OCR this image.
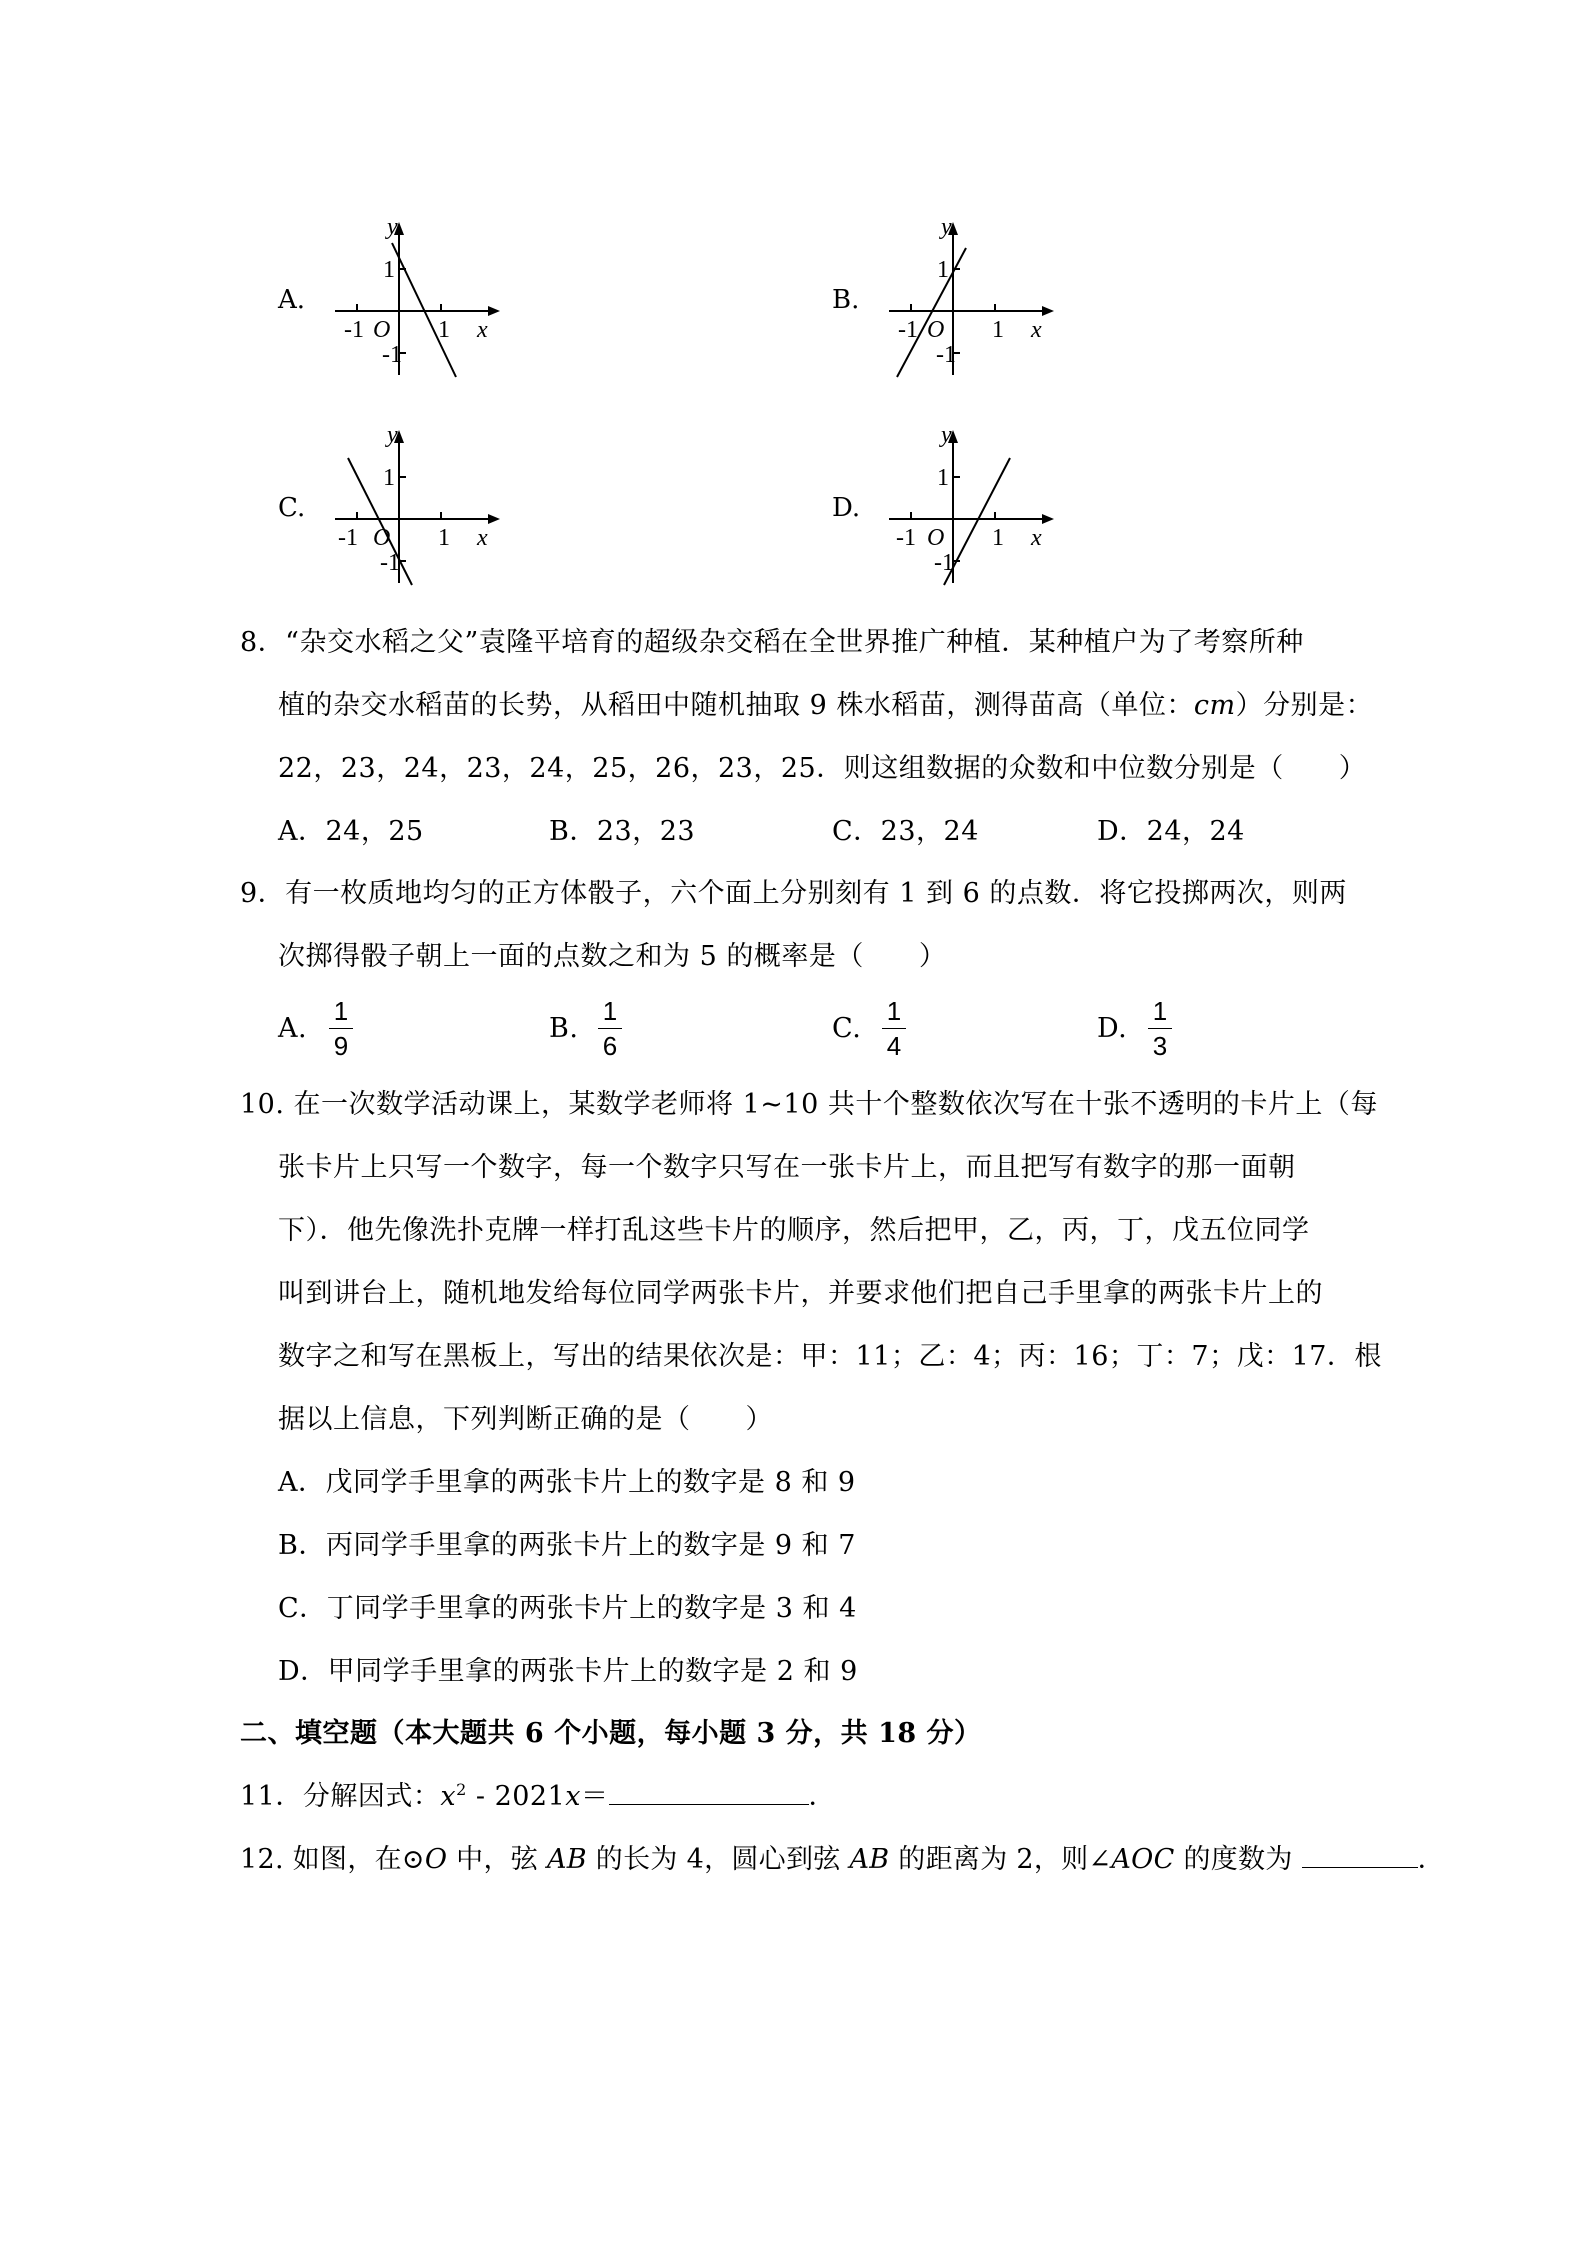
A.	B.
C.	D.
y
1
-1 O 1 x
-1
y
1
-1 O 1 x
-1
y
1
-1 O 1 x
-1
y
1
-1 O 1 x
-1
8．“杂交水稻之父”袁隆平培育的超级杂交稻在全世界推广种植．某种植户为了考察所种
植的杂交水稻苗的长势，从稻田中随机抽取 9 株水稻苗，测得苗高（单位：cm）分别是：
22，23，24，23，24，25，26，23，25．则这组数据的众数和中位数分别是（　　）
A．24，25	B．23，23	C．23，24	D．24，24
9．有一枚质地均匀的正方体骰子，六个面上分别刻有 1 到 6 的点数．将它投掷两次，则两
次掷得骰子朝上一面的点数之和为 5 的概率是（　　）
A.
1
9
B.
1
6
C.
1
4
D.
1
3
10. 在一次数学活动课上，某数学老师将 1~10 共十个整数依次写在十张不透明的卡片上（每
张卡片上只写一个数字，每一个数字只写在一张卡片上，而且把写有数字的那一面朝
下）．他先像洗扑克牌一样打乱这些卡片的顺序，然后把甲，乙，丙，丁，戊五位同学
叫到讲台上，随机地发给每位同学两张卡片，并要求他们把自己手里拿的两张卡片上的
数字之和写在黑板上，写出的结果依次是：甲：11；乙：4；丙：16；丁：7；戊：17．根
据以上信息，下列判断正确的是（　　）
A．戊同学手里拿的两张卡片上的数字是 8 和 9
B．丙同学手里拿的两张卡片上的数字是 9 和 7
C．丁同学手里拿的两张卡片上的数字是 3 和 4
D．甲同学手里拿的两张卡片上的数字是 2 和 9
二、填空题（本大题共 6 个小题，每小题 3 分，共 18 分）
11．分解因式：$x^2 - 2021x=$	．
12. 如图，在⊙O 中，弦 AB 的长为 4，圆心到弦 AB 的距离为 2，则∠AOC 的度数为	．
